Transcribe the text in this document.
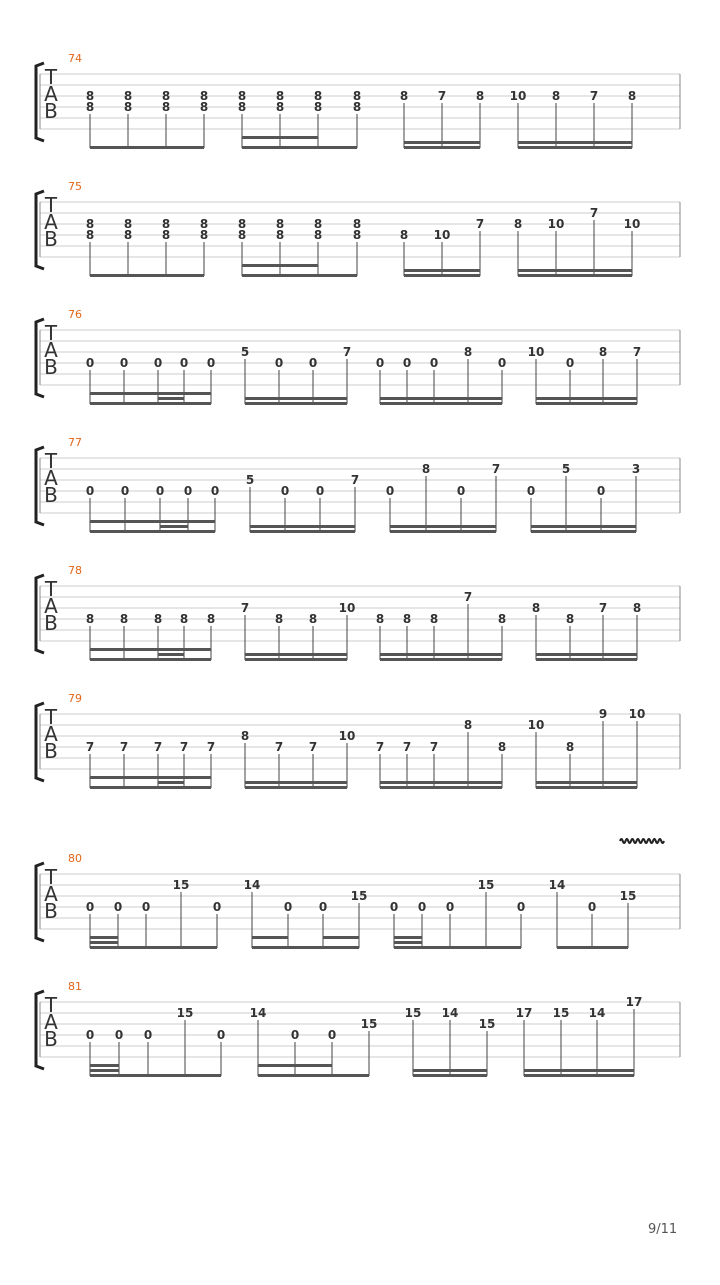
74
T
A
B
8
8
8
8
8
8
8
8
8
8
8
8
8
8
8
8
8 7 8 10 8 7 8
75
T
A
B
8
8
8
8
8
8
8
8
8
8
8
8
8
8
8
8	8 10
7 8 10
7
10
76
T
A
B 0 0 0 0 0
5
0 0
7
0 0 0
8
0
10
0
8 7
77
T
A
B 0 0 0 0 0
5
0 0
7
0
8
0
7
0
5
0
3
78
T
A
B 8 8 8 8 8
7
8 8
10
8 8 8
7
8
8
8
7 8
79
T
A
B 7 7 7 7 7
8
7 7
10
7 7 7
8
8
10
8
9 10
80
T
A
B 0 0 0
15
0
14
0 0
15
0 0 0
15
0
14
0
15
81
T
A
B 0 0 0
15
0
14
0 0
15
15 14
15
17 15 14
17
9/11
